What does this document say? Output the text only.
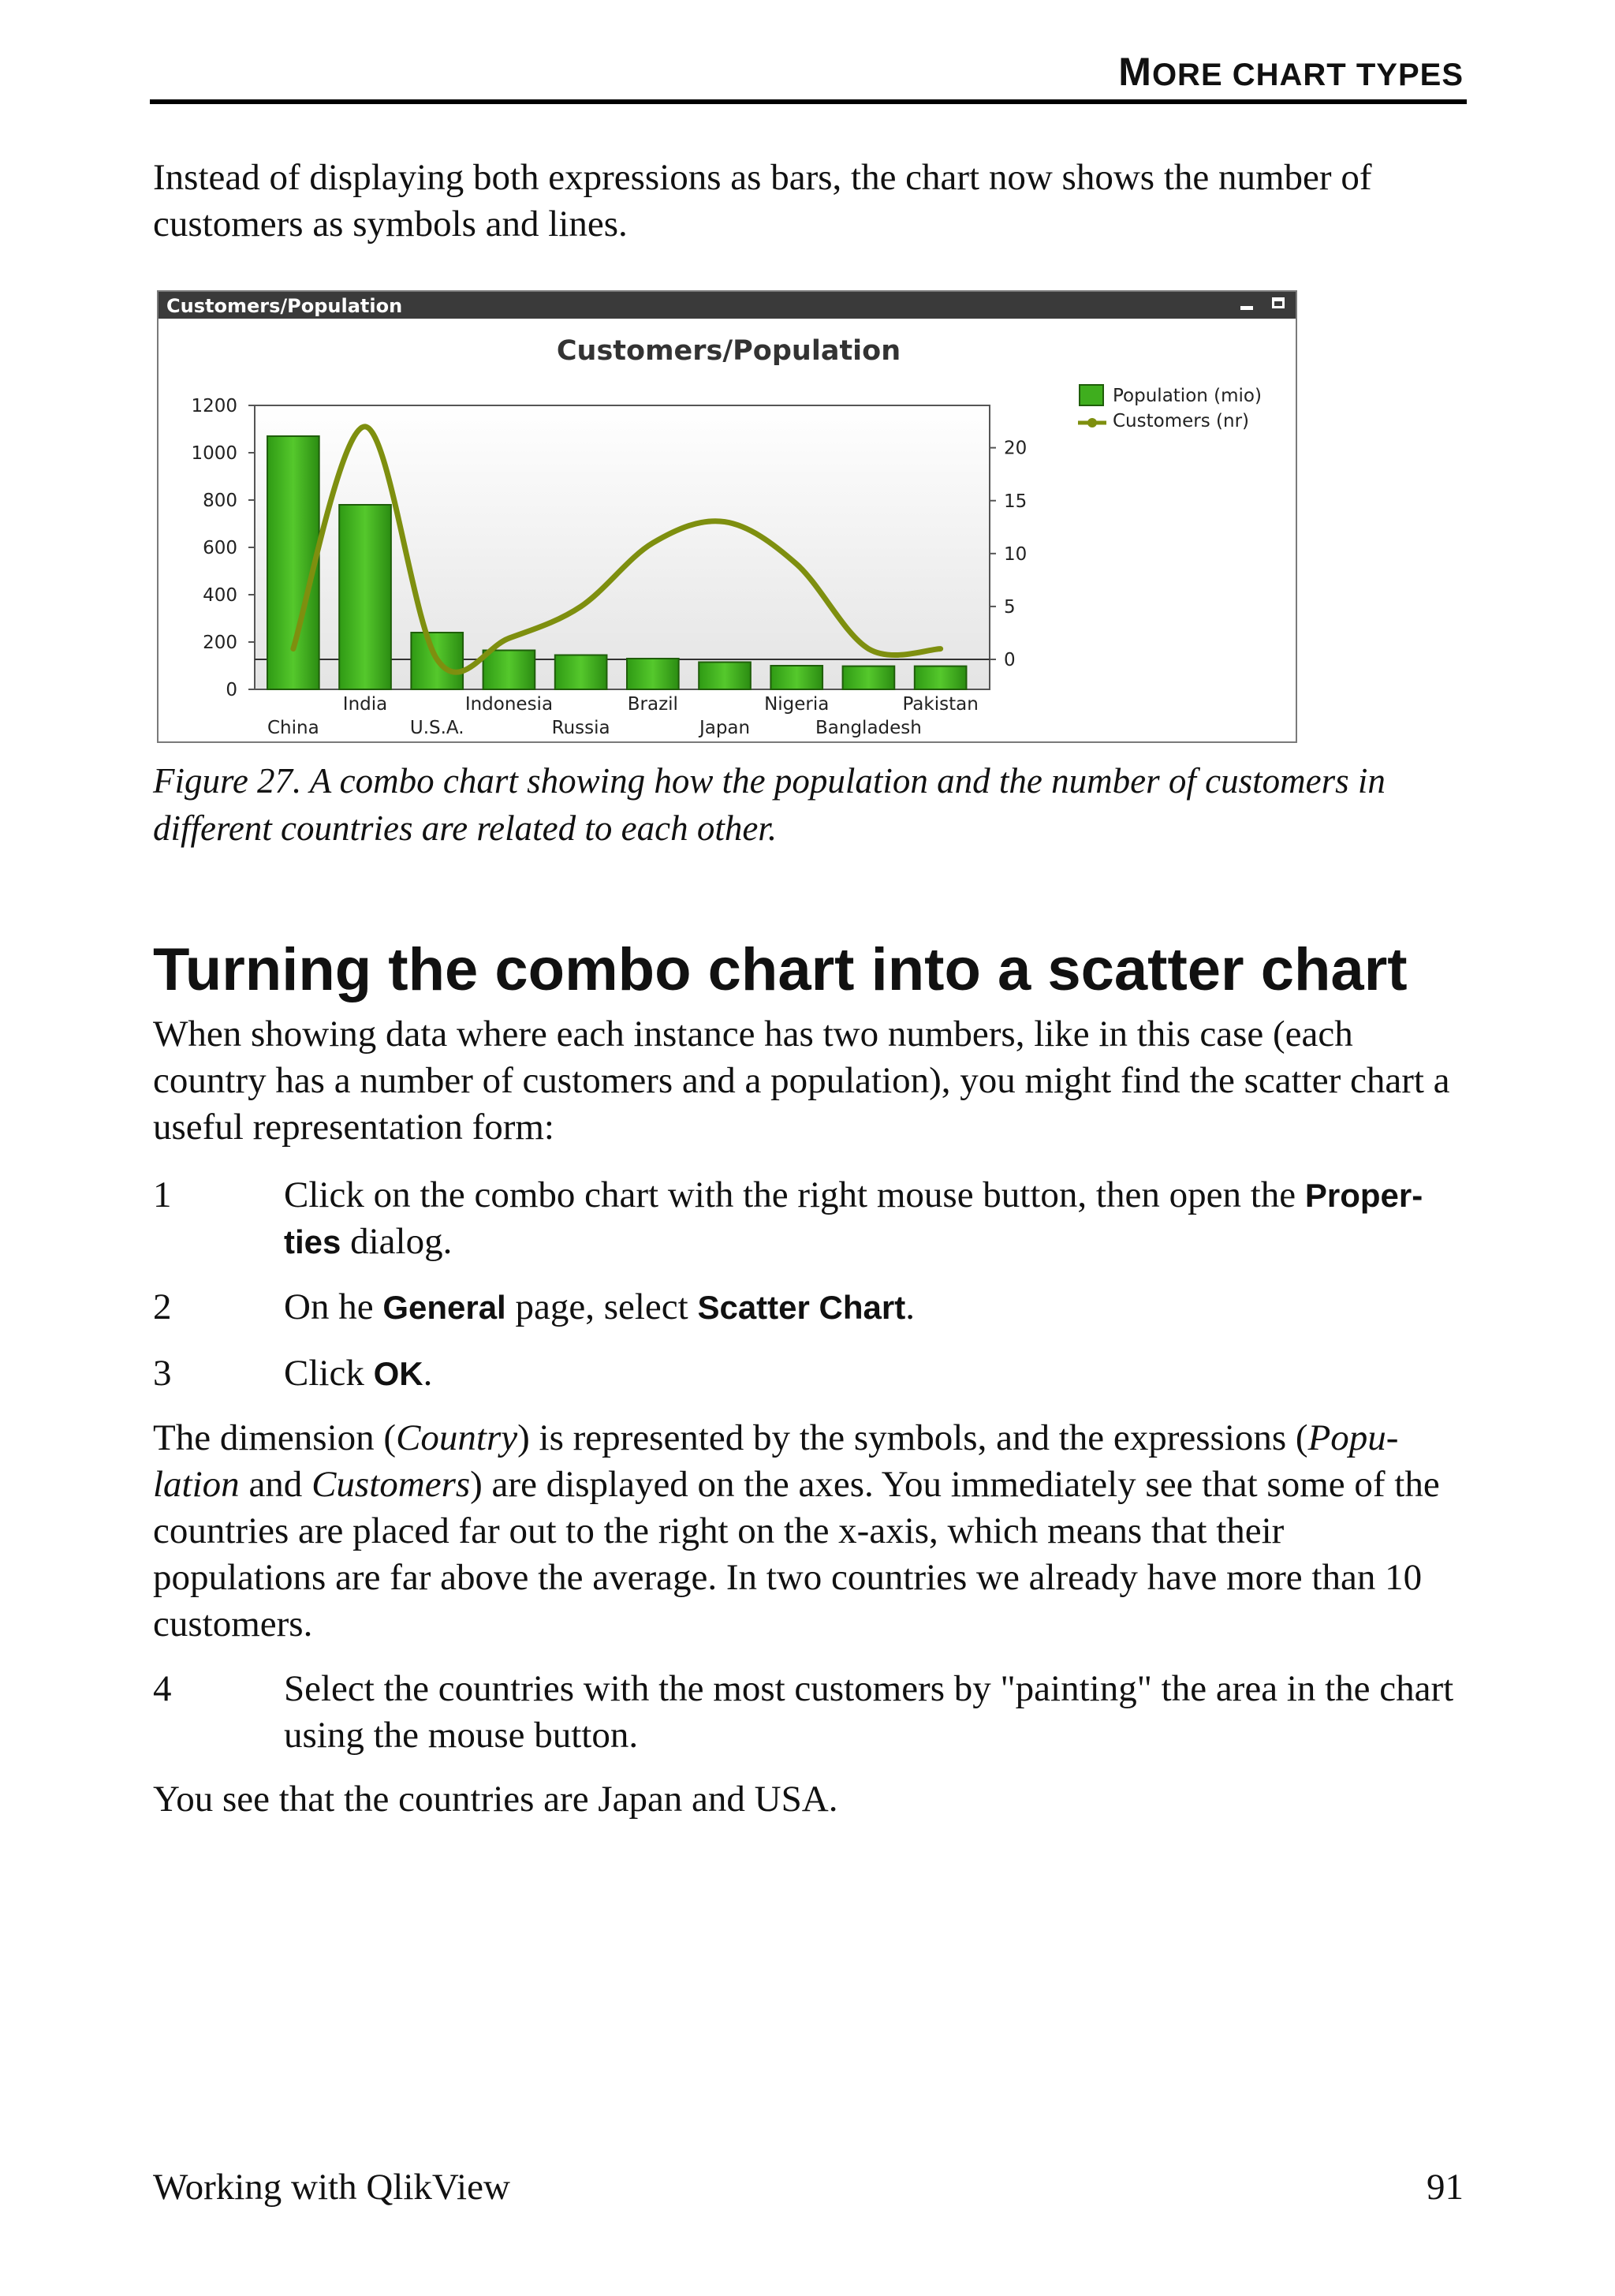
MORE CHART TYPES

Instead of displaying both expressions as bars, the chart now shows the number of customers as symbols and lines.

Customers/Population
Customers/Population
0
200
400
600
800
1000
1200
0
5
10
15
20
China
India
U.S.A.
Indonesia
Russia
Brazil
Japan
Nigeria
Bangladesh
Pakistan
Population (mio)
Customers (nr)

Figure 27. A combo chart showing how the population and the number of customers in different countries are related to each other.

Turning the combo chart into a scatter chart

When showing data where each instance has two numbers, like in this case (each country has a number of customers and a population), you might find the scatter chart a useful representation form:

1	Click on the combo chart with the right mouse button, then open the Proper-
ties dialog.
2	On he General page, select Scatter Chart.
3	Click OK.

The dimension (Country) is represented by the symbols, and the expressions (Popu-
lation and Customers) are displayed on the axes. You immediately see that some of the countries are placed far out to the right on the x-axis, which means that their populations are far above the average. In two countries we already have more than 10 customers.

4	Select the countries with the most customers by "painting" the area in the chart using the mouse button.

You see that the countries are Japan and USA.

Working with QlikView	91
